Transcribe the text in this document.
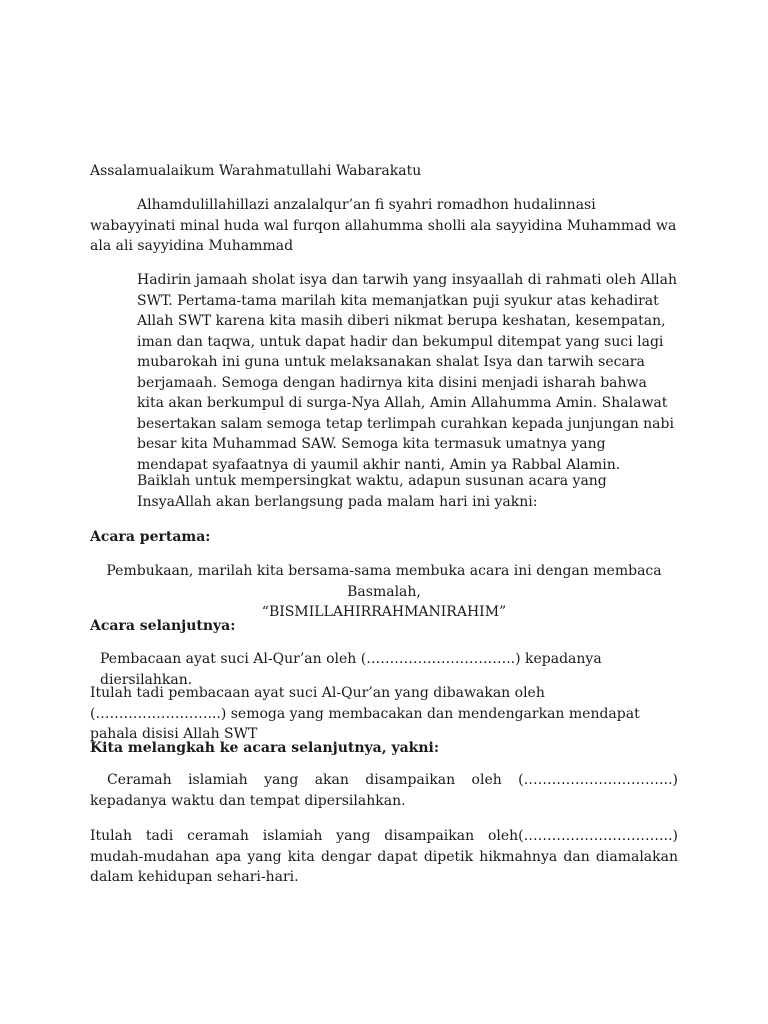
Assalamualaikum Warahmatullahi Wabarakatu

Alhamdulillahillazi anzalalqur’an fi syahri romadhon hudalinnasi wabayyinati minal huda wal furqon allahumma sholli ala sayyidina Muhammad wa ala ali sayyidina Muhammad

Hadirin jamaah sholat isya dan tarwih yang insyaallah di rahmati oleh Allah SWT. Pertama-tama marilah kita memanjatkan puji syukur atas kehadirat Allah SWT karena kita masih diberi nikmat berupa keshatan, kesempatan, iman dan taqwa, untuk dapat hadir dan bekumpul ditempat yang suci lagi mubarokah ini guna untuk melaksanakan shalat Isya dan tarwih secara berjamaah. Semoga dengan hadirnya kita disini menjadi isharah bahwa kita akan berkumpul di surga-Nya Allah, Amin Allahumma Amin. Shalawat besertakan salam semoga tetap terlimpah curahkan kepada junjungan nabi besar kita Muhammad SAW. Semoga kita termasuk umatnya yang mendapat syafaatnya di yaumil akhir nanti, Amin ya Rabbal Alamin.

Baiklah untuk mempersingkat waktu, adapun susunan acara yang InsyaAllah akan berlangsung pada malam hari ini yakni:

Acara pertama:

Pembukaan, marilah kita bersama-sama membuka acara ini dengan membaca Basmalah,
“BISMILLAHIRRAHMANIRAHIM”

Acara selanjutnya:

Pembacaan ayat suci Al-Qur’an oleh (…………………………..) kepadanya diersilahkan.

Itulah tadi pembacaan ayat suci Al-Qur’an yang dibawakan oleh (……………………...) semoga yang membacakan dan mendengarkan mendapat pahala disisi Allah SWT

Kita melangkah ke acara selanjutnya, yakni:

Ceramah islamiah yang akan disampaikan oleh (…………………………..) kepadanya waktu dan tempat dipersilahkan.

Itulah tadi ceramah islamiah yang disampaikan oleh(…………………………..) mudah-mudahan apa yang kita dengar dapat dipetik hikmahnya dan diamalakan dalam kehidupan sehari-hari.
